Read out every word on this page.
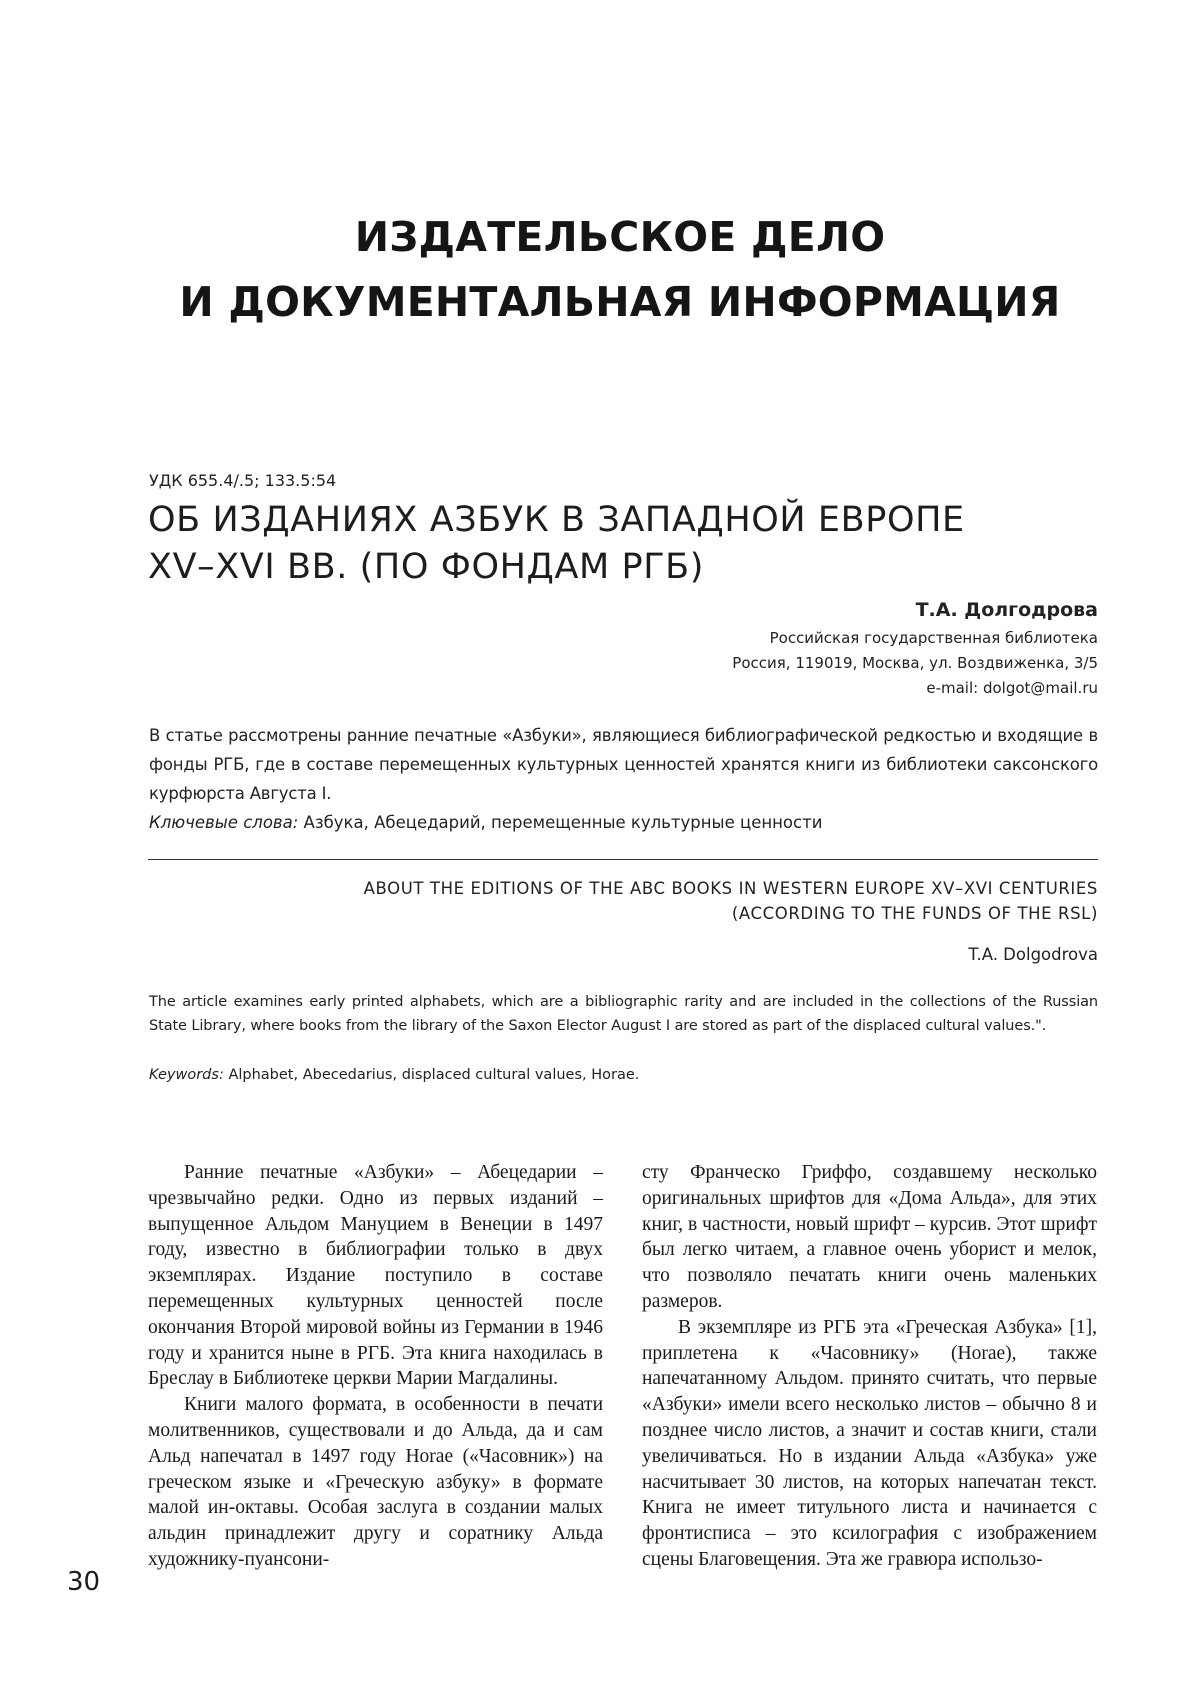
ИЗДАТЕЛЬСКОЕ ДЕЛО
И ДОКУМЕНТАЛЬНАЯ ИНФОРМАЦИЯ
УДК 655.4/.5; 133.5:54
ОБ ИЗДАНИЯХ АЗБУК В ЗАПАДНОЙ ЕВРОПЕ
XV–XVI ВВ. (ПО ФОНДАМ РГБ)
Т.А. Долгодрова
Российская государственная библиотека
Россия, 119019, Москва, ул. Воздвиженка, 3/5
e-mail: dolgot@mail.ru
В статье рассмотрены ранние печатные «Азбуки», являющиеся библиографической редкостью и входящие в фонды РГБ, где в составе перемещенных культурных ценностей хранятся книги из библиотеки саксонского курфюрста Августа I.
Ключевые слова: Азбука, Абецедарий, перемещенные культурные ценности
ABOUT THE EDITIONS OF THE ABC BOOKS IN WESTERN EUROPE XV–XVI CENTURIES
(ACCORDING TO THE FUNDS OF THE RSL)
T.A. Dolgodrova
The article examines early printed alphabets, which are a bibliographic rarity and are included in the collections of the Russian State Library, where books from the library of the Saxon Elector August I are stored as part of the displaced cultural values.".
Keywords: Alphabet, Abecedarius, displaced cultural values, Horae.

Ранние печатные «Азбуки» – Абецедарии – чрезвычайно редки. Одно из первых изданий – выпущенное Альдом Мануцием в Венеции в 1497 году, известно в библиографии только в двух экземплярах. Издание поступило в составе перемещенных культурных ценностей после окончания Второй мировой войны из Германии в 1946 году и хранится ныне в РГБ. Эта книга находилась в Бреслау в Библиотеке церкви Марии Магдалины.

Книги малого формата, в особенности в печати молитвенников, существовали и до Альда, да и сам Альд напечатал в 1497 году Horae («Часовник») на греческом языке и «Греческую азбуку» в формате малой ин-октавы. Особая заслуга в создании малых альдин принадлежит другу и соратнику Альда художнику-пуансони-

сту Франческо Гриффо, создавшему несколько оригинальных шрифтов для «Дома Альда», для этих книг, в частности, новый шрифт – курсив. Этот шрифт был легко читаем, а главное очень уборист и мелок, что позволяло печатать книги очень маленьких размеров.

В экземпляре из РГБ эта «Греческая Азбука» [1], приплетена к «Часовнику» (Horae), также напечатанному Альдом. принято считать, что первые «Азбуки» имели всего несколько листов – обычно 8 и позднее число листов, а значит и состав книги, стали увеличиваться. Но в издании Альда «Азбука» уже насчитывает 30 листов, на которых напечатан текст. Книга не имеет титульного листа и начинается с фронтисписа – это ксилография с изображением сцены Благовещения. Эта же гравюра использо-

30
